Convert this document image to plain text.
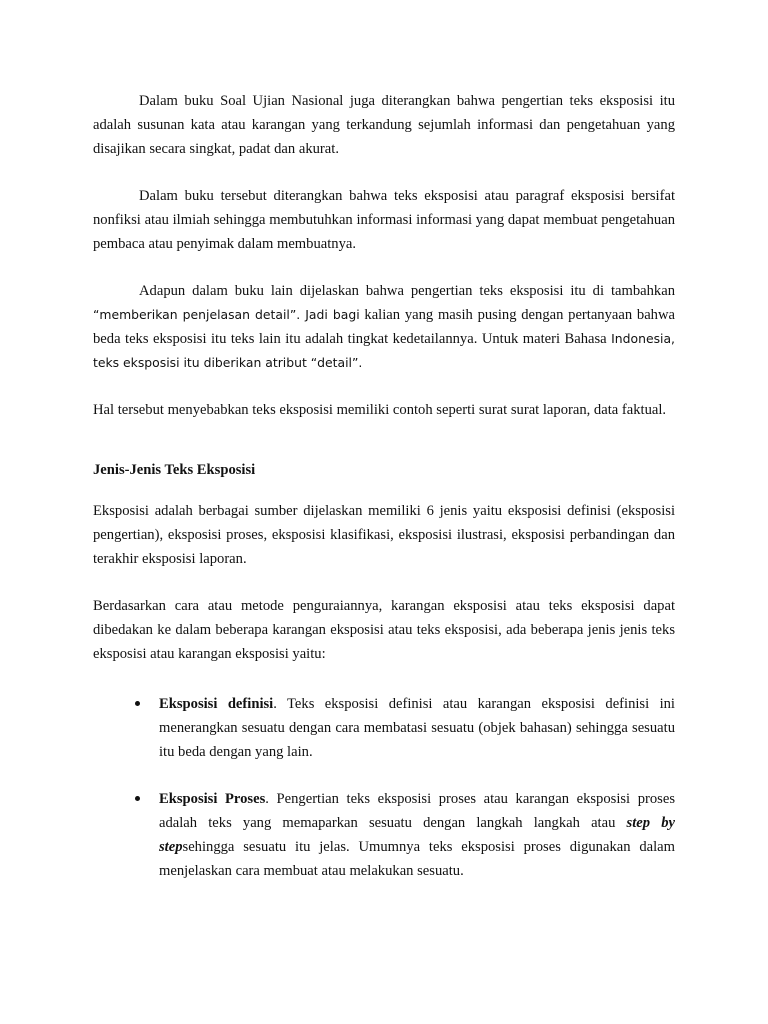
Dalam buku Soal Ujian Nasional juga diterangkan bahwa pengertian teks eksposisi itu adalah susunan kata atau karangan yang terkandung sejumlah informasi dan pengetahuan yang disajikan secara singkat, padat dan akurat.

Dalam buku tersebut diterangkan bahwa teks eksposisi atau paragraf eksposisi bersifat nonfiksi atau ilmiah sehingga membutuhkan informasi informasi yang dapat membuat pengetahuan pembaca atau penyimak dalam membuatnya.

Adapun dalam buku lain dijelaskan bahwa pengertian teks eksposisi itu di tambahkan “memberikan penjelasan detail”. Jadi bagi kalian yang masih pusing dengan pertanyaan bahwa beda teks eksposisi itu teks lain itu adalah tingkat kedetailannya. Untuk materi Bahasa Indonesia, teks eksposisi itu diberikan atribut “detail”.

Hal tersebut menyebabkan teks eksposisi memiliki contoh seperti surat surat laporan, data faktual.

Jenis-Jenis Teks Eksposisi

Eksposisi adalah berbagai sumber dijelaskan memiliki 6 jenis yaitu eksposisi definisi (eksposisi pengertian), eksposisi proses, eksposisi klasifikasi, eksposisi ilustrasi, eksposisi perbandingan dan terakhir eksposisi laporan.

Berdasarkan cara atau metode penguraiannya, karangan eksposisi atau teks eksposisi dapat dibedakan ke dalam beberapa karangan eksposisi atau teks eksposisi, ada beberapa jenis jenis teks eksposisi atau karangan eksposisi yaitu:

Eksposisi definisi. Teks eksposisi definisi atau karangan eksposisi definisi ini menerangkan sesuatu dengan cara membatasi sesuatu (objek bahasan) sehingga sesuatu itu beda dengan yang lain.
Eksposisi Proses. Pengertian teks eksposisi proses atau karangan eksposisi proses adalah teks yang memaparkan sesuatu dengan langkah langkah atau step by stepsehingga sesuatu itu jelas. Umumnya teks eksposisi proses digunakan dalam menjelaskan cara membuat atau melakukan sesuatu.
